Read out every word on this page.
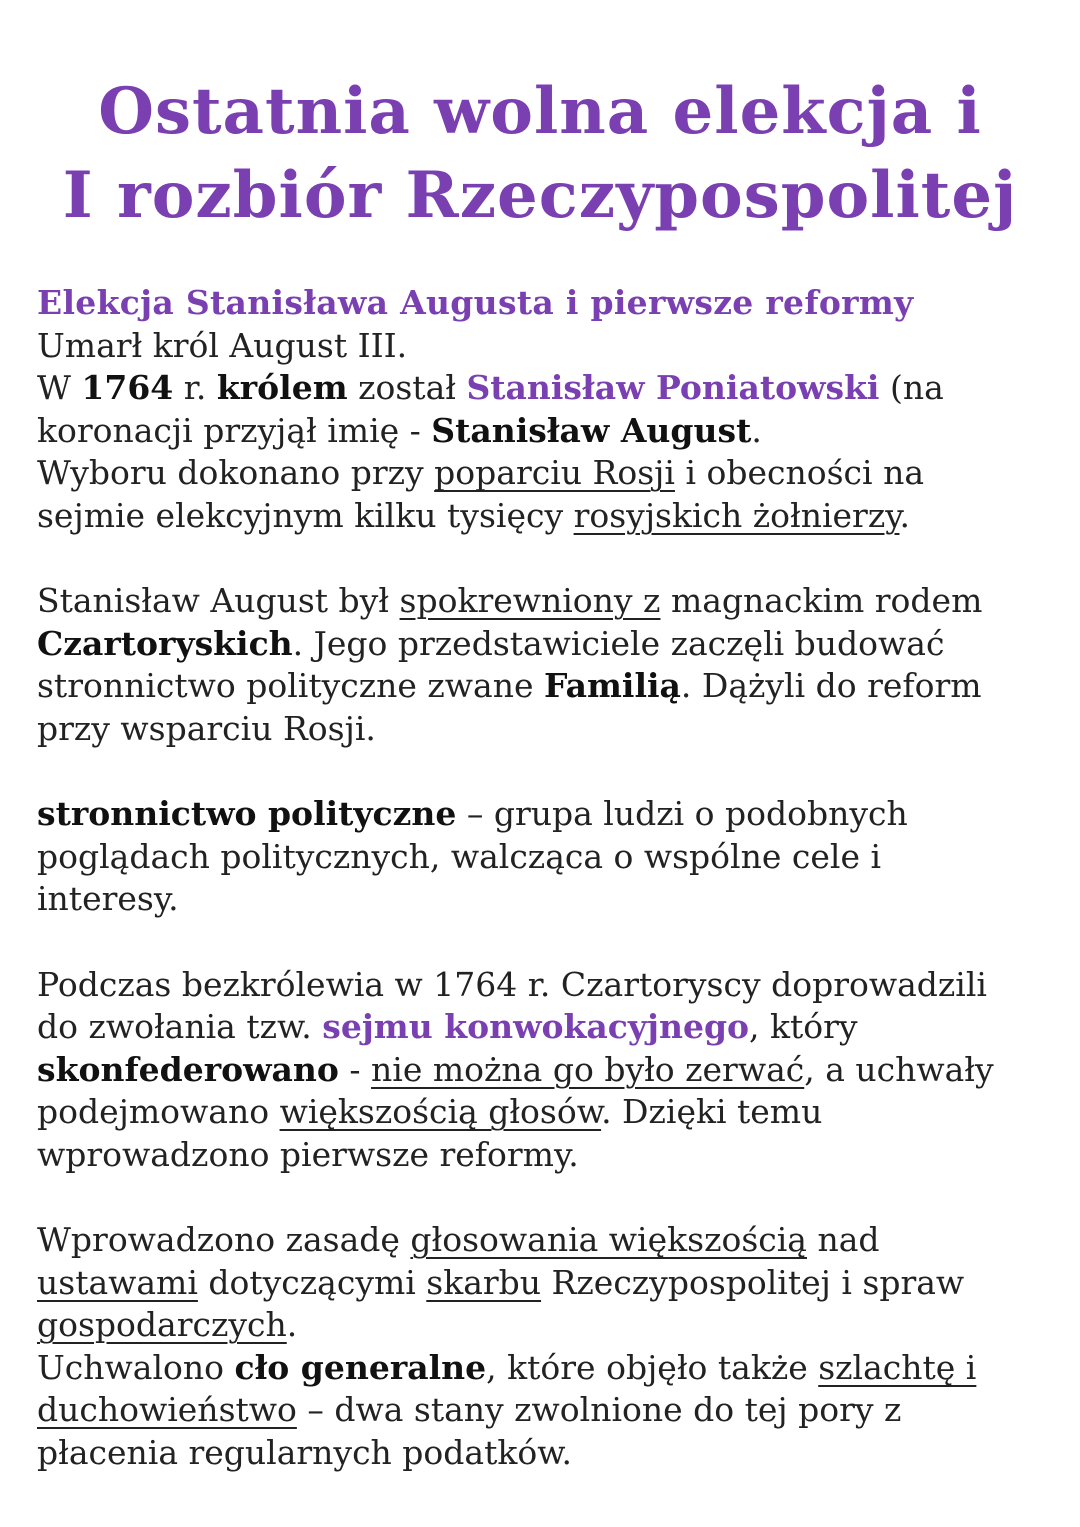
Ostatnia wolna elekcja i
I rozbiór Rzeczypospolitej
Elekcja Stanisława Augusta i pierwsze reformy
Umarł król August III.
W 1764 r. królem został Stanisław Poniatowski (na
koronacji przyjął imię - Stanisław August.
Wyboru dokonano przy poparciu Rosji i obecności na
sejmie elekcyjnym kilku tysięcy rosyjskich żołnierzy.
Stanisław August był spokrewniony z magnackim rodem
Czartoryskich. Jego przedstawiciele zaczęli budować
stronnictwo polityczne zwane Familią. Dążyli do reform
przy wsparciu Rosji.
stronnictwo polityczne – grupa ludzi o podobnych
poglądach politycznych, walcząca o wspólne cele i
interesy.
Podczas bezkrólewia w 1764 r. Czartoryscy doprowadzili
do zwołania tzw. sejmu konwokacyjnego, który
skonfederowano - nie można go było zerwać, a uchwały
podejmowano większością głosów. Dzięki temu
wprowadzono pierwsze reformy.
Wprowadzono zasadę głosowania większością nad
ustawami dotyczącymi skarbu Rzeczypospolitej i spraw
gospodarczych.
Uchwalono cło generalne, które objęło także szlachtę i
duchowieństwo – dwa stany zwolnione do tej pory z
płacenia regularnych podatków.
